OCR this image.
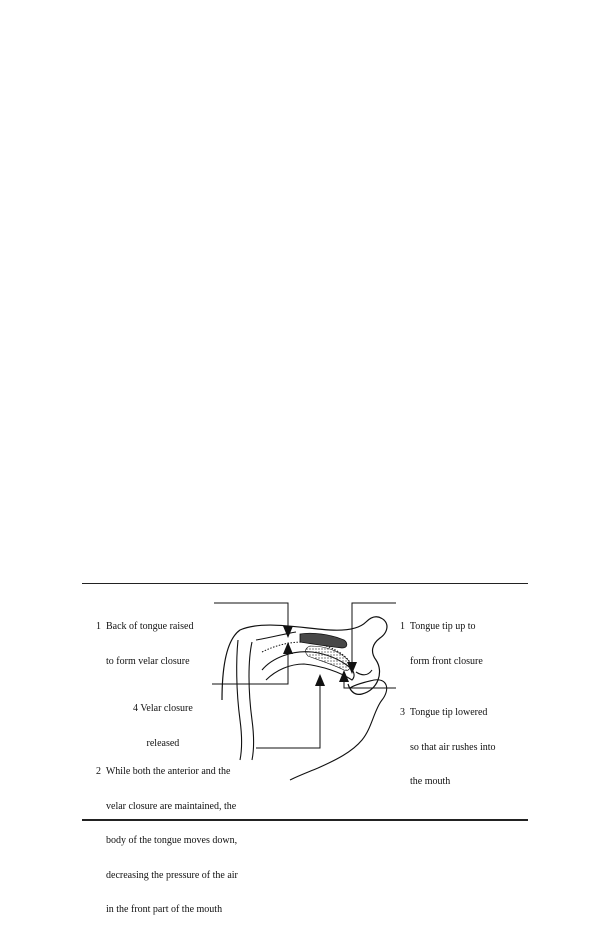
1  Back of tongue raised

to form velar closure

1  Tongue tip up to

form front closure

4 Velar closure

released

3  Tongue tip lowered

so that air rushes into

the mouth

2  While both the anterior and the

velar closure are maintained, the

body of the tongue moves down,

decreasing the pressure of the air

in the front part of the mouth
